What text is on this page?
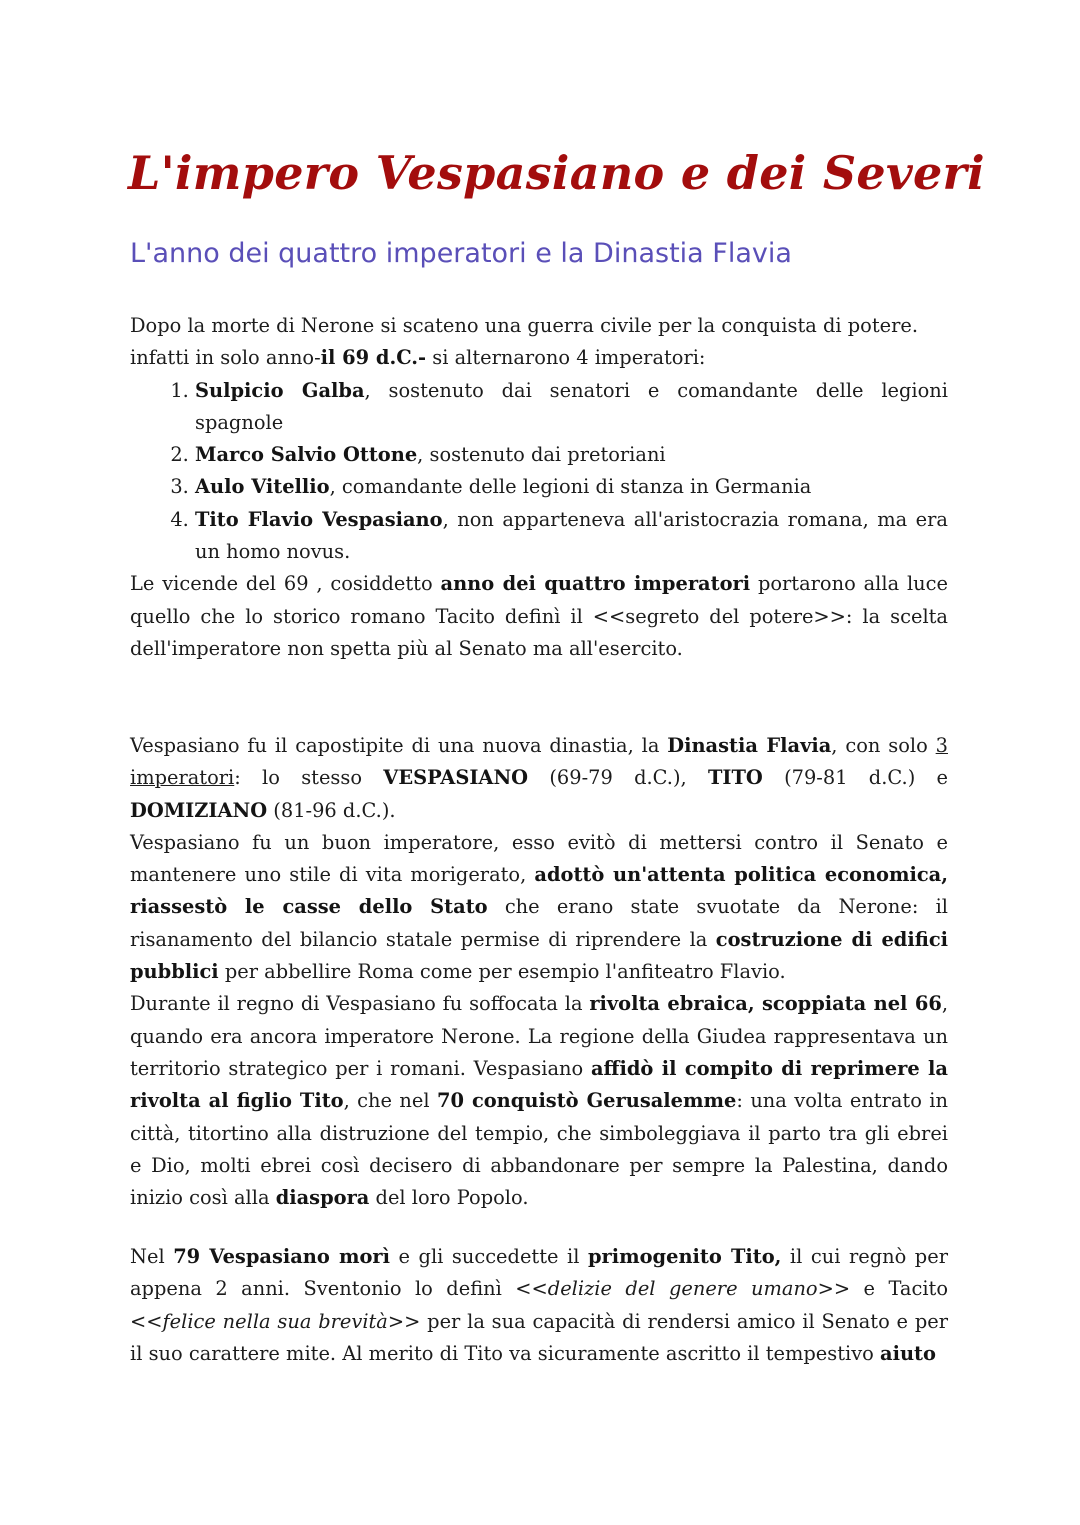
L'impero Vespasiano e dei Severi
L'anno dei quattro imperatori e la Dinastia Flavia

Dopo la morte di Nerone si scateno una guerra civile per la conquista di potere.
infatti in solo anno-il 69 d.C.- si alternarono 4 imperatori:

1. Sulpicio Galba, sostenuto dai senatori e comandante delle legioni spagnole
2. Marco Salvio Ottone, sostenuto dai pretoriani
3. Aulo Vitellio, comandante delle legioni di stanza in Germania
4. Tito Flavio Vespasiano, non apparteneva all'aristocrazia romana, ma era un homo novus.

Le vicende del 69 , cosiddetto anno dei quattro imperatori portarono alla luce quello che lo storico romano Tacito definì il <<segreto del potere>>: la scelta dell'imperatore non spetta più al Senato ma all'esercito.

Vespasiano fu il capostipite di una nuova dinastia, la Dinastia Flavia, con solo 3 imperatori: lo stesso VESPASIANO (69-79 d.C.), TITO (79-81 d.C.) e DOMIZIANO (81-96 d.C.).

Vespasiano fu un buon imperatore, esso evitò di mettersi contro il Senato e mantenere uno stile di vita morigerato, adottò un'attenta politica economica, riassestò le casse dello Stato che erano state svuotate da Nerone: il risanamento del bilancio statale permise di riprendere la costruzione di edifici pubblici per abbellire Roma come per esempio l'anfiteatro Flavio.

Durante il regno di Vespasiano fu soffocata la rivolta ebraica, scoppiata nel 66, quando era ancora imperatore Nerone. La regione della Giudea rappresentava un territorio strategico per i romani. Vespasiano affidò il compito di reprimere la rivolta al figlio Tito, che nel 70 conquistò Gerusalemme: una volta entrato in città, titortino alla distruzione del tempio, che simboleggiava il parto tra gli ebrei e Dio, molti ebrei così decisero di abbandonare per sempre la Palestina, dando inizio così alla diaspora del loro Popolo.

Nel 79 Vespasiano morì e gli succedette il primogenito Tito, il cui regnò per appena 2 anni. Sventonio lo definì <<delizie del genere umano>> e Tacito <<felice nella sua brevità>> per la sua capacità di rendersi amico il Senato e per il suo carattere mite. Al merito di Tito va sicuramente ascritto il tempestivo aiuto
